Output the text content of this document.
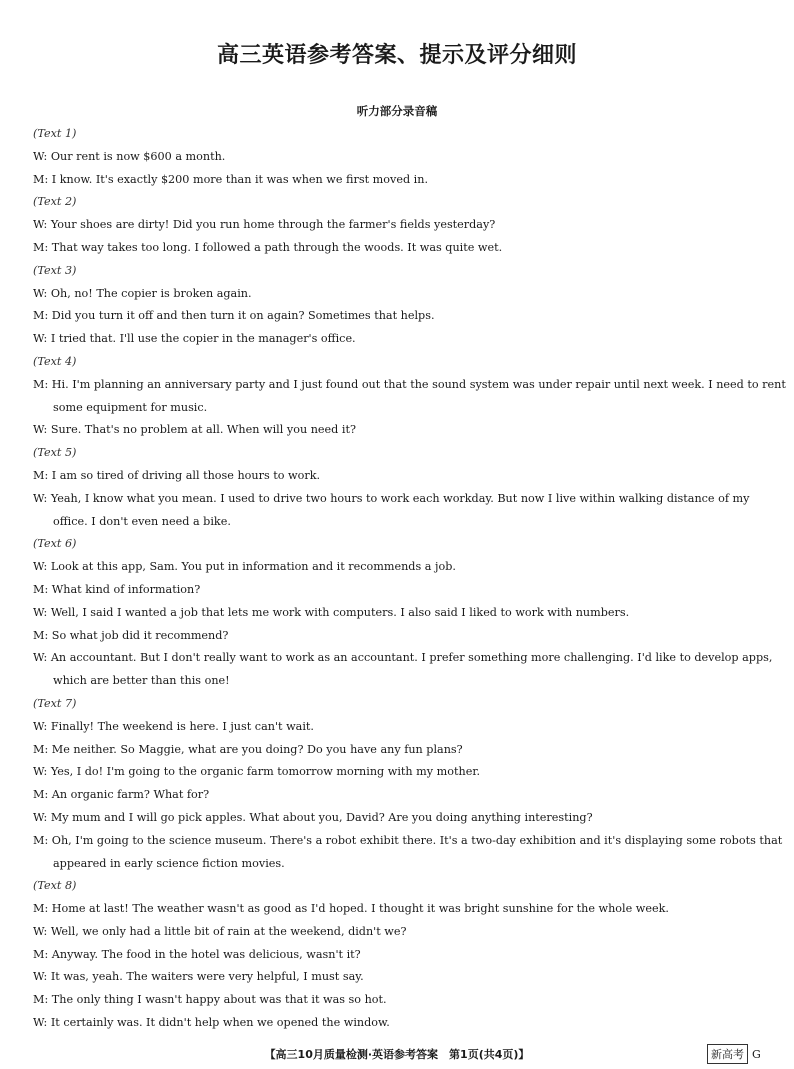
高三英语参考答案、提示及评分细则
听力部分录音稿
(Text 1)
W: Our rent is now $600 a month.
M: I know. It's exactly $200 more than it was when we first moved in.
(Text 2)
W: Your shoes are dirty! Did you run home through the farmer's fields yesterday?
M: That way takes too long. I followed a path through the woods. It was quite wet.
(Text 3)
W: Oh, no! The copier is broken again.
M: Did you turn it off and then turn it on again? Sometimes that helps.
W: I tried that. I'll use the copier in the manager's office.
(Text 4)
M: Hi. I'm planning an anniversary party and I just found out that the sound system was under repair until next week. I need to rent
some equipment for music.
W: Sure. That's no problem at all. When will you need it?
(Text 5)
M: I am so tired of driving all those hours to work.
W: Yeah, I know what you mean. I used to drive two hours to work each workday. But now I live within walking distance of my
office. I don't even need a bike.
(Text 6)
W: Look at this app, Sam. You put in information and it recommends a job.
M: What kind of information?
W: Well, I said I wanted a job that lets me work with computers. I also said I liked to work with numbers.
M: So what job did it recommend?
W: An accountant. But I don't really want to work as an accountant. I prefer something more challenging. I'd like to develop apps,
which are better than this one!
(Text 7)
W: Finally! The weekend is here. I just can't wait.
M: Me neither. So Maggie, what are you doing? Do you have any fun plans?
W: Yes, I do! I'm going to the organic farm tomorrow morning with my mother.
M: An organic farm? What for?
W: My mum and I will go pick apples. What about you, David? Are you doing anything interesting?
M: Oh, I'm going to the science museum. There's a robot exhibit there. It's a two-day exhibition and it's displaying some robots that
appeared in early science fiction movies.
(Text 8)
M: Home at last! The weather wasn't as good as I'd hoped. I thought it was bright sunshine for the whole week.
W: Well, we only had a little bit of rain at the weekend, didn't we?
M: Anyway. The food in the hotel was delicious, wasn't it?
W: It was, yeah. The waiters were very helpful, I must say.
M: The only thing I wasn't happy about was that it was so hot.
W: It certainly was. It didn't help when we opened the window.
【高三10月质量检测·英语参考答案　第1页(共4页)】	新高考 G
